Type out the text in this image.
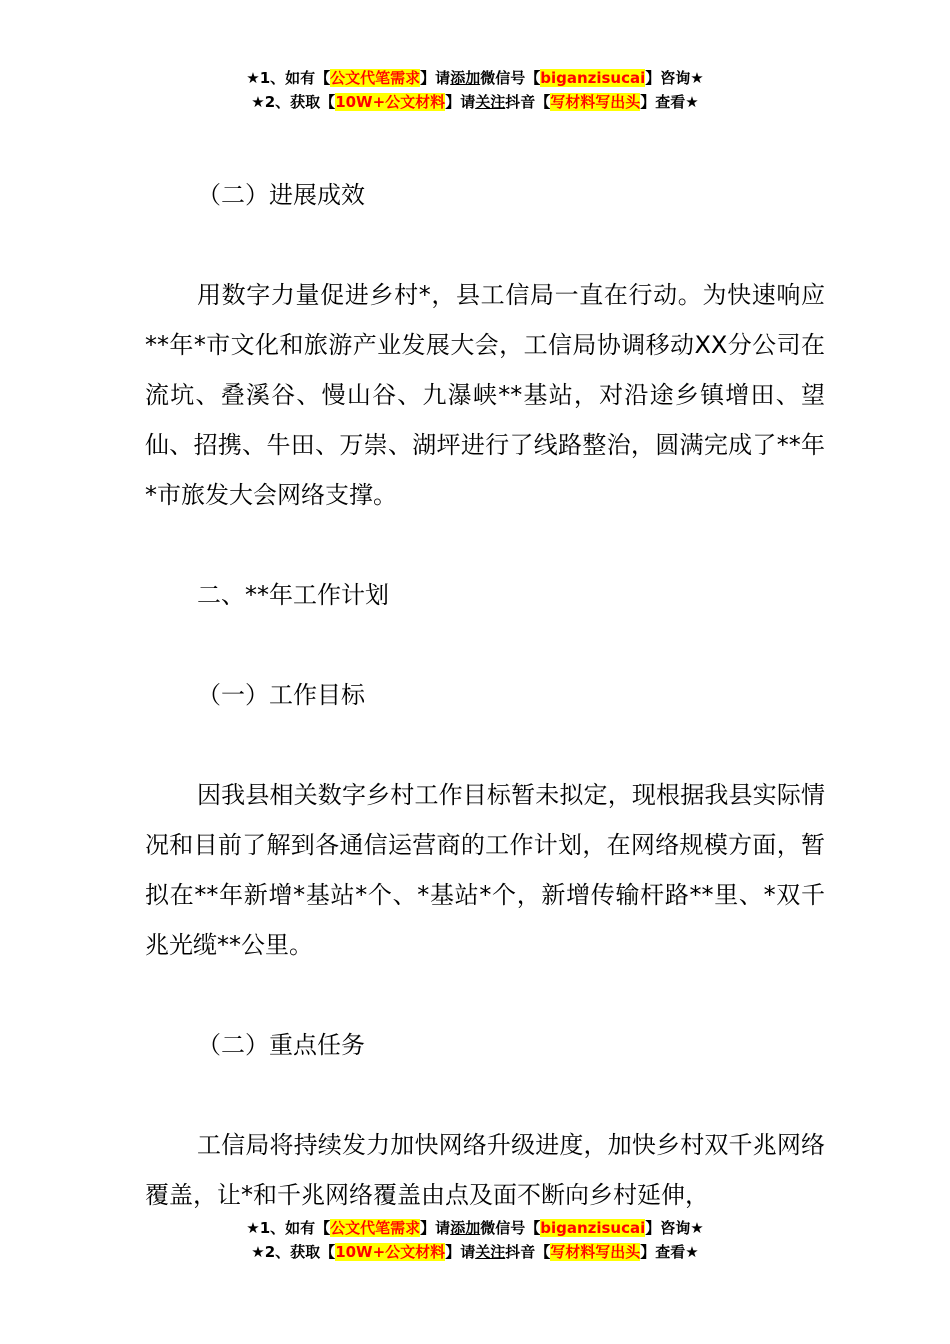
★1、如有【公文代笔需求】请添加微信号【biganzisucai】咨询★
★2、获取【10W+公文材料】请关注抖音【写材料写出头】查看★

（二）进展成效

用数字力量促进乡村*，县工信局一直在行动。为快速响应**年*市文化和旅游产业发展大会，工信局协调移动XX分公司在流坑、叠溪谷、慢山谷、九瀑峡**基站，对沿途乡镇增田、望仙、招携、牛田、万崇、湖坪进行了线路整治，圆满完成了**年*市旅发大会网络支撑。

二、**年工作计划

（一）工作目标

因我县相关数字乡村工作目标暂未拟定，现根据我县实际情况和目前了解到各通信运营商的工作计划，在网络规模方面，暂拟在**年新增*基站*个、*基站*个，新增传输杆路**里、*双千兆光缆**公里。

（二）重点任务

工信局将持续发力加快网络升级进度，加快乡村双千兆网络覆盖，让*和千兆网络覆盖由点及面不断向乡村延伸，

★1、如有【公文代笔需求】请添加微信号【biganzisucai】咨询★
★2、获取【10W+公文材料】请关注抖音【写材料写出头】查看★
